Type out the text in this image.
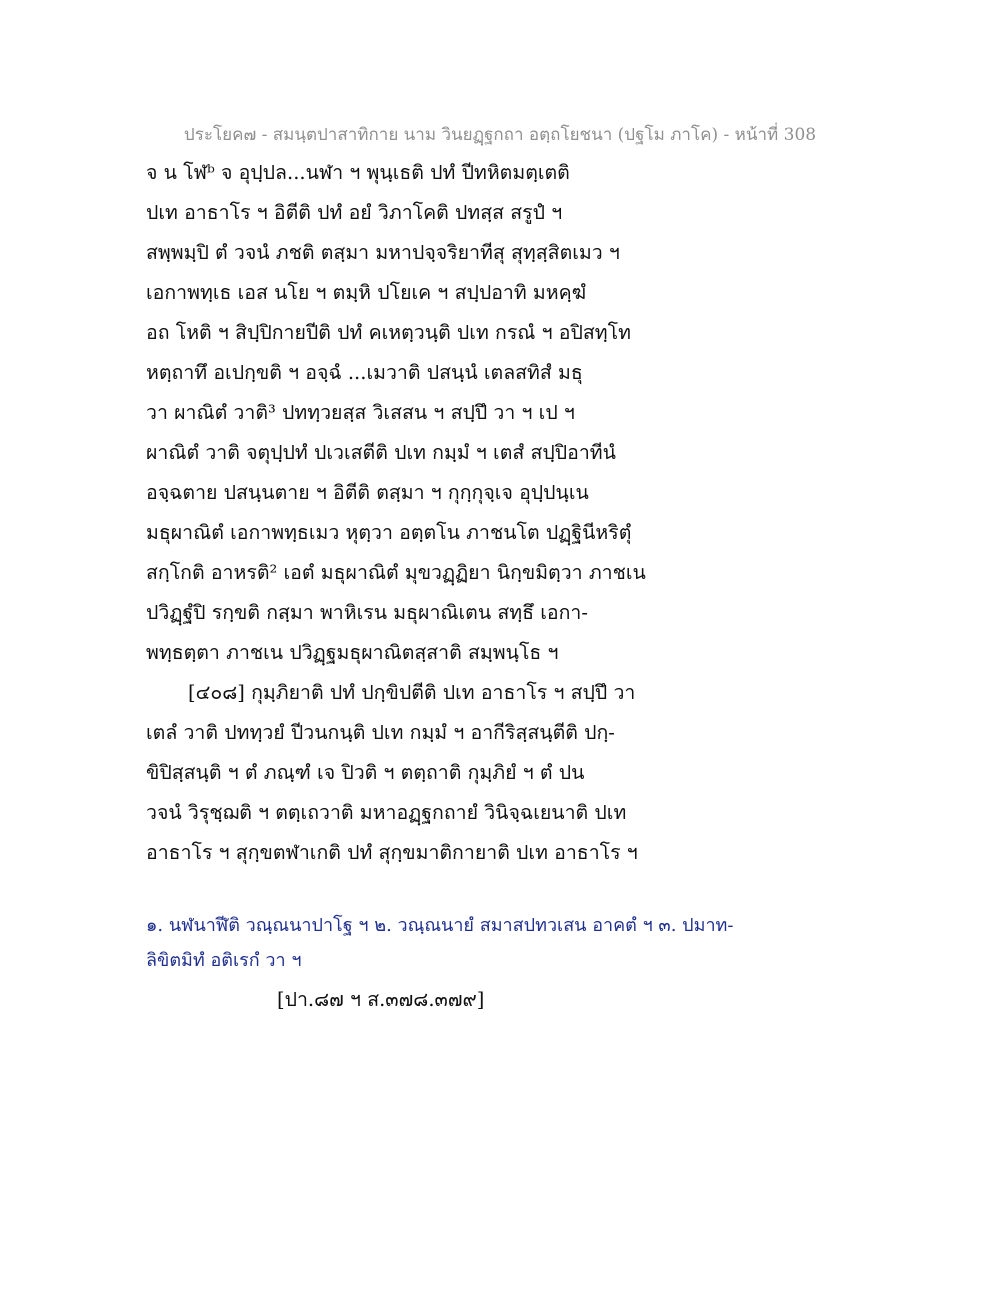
ประโยค๗ - สมนฺตปาสาทิกาย นาม วินยฏฺฐกถา อตฺถโยชนา (ปฐโม ภาโค) - หน้าที่ 308
จ น โฬᵇ จ อุปฺปล...นฬา ฯ พุนฺเธติ ปทํ ปีทหิตมตฺเตติ
ปเท อาธาโร ฯ อิตีติ ปทํ อยํ วิภาโคติ ปทสฺส สรูปํ ฯ
สพฺพมฺปิ ตํ วจนํ ภชติ ตสฺมา มหาปจฺจริยาทีสุ สุทฺสฺสิตเมว ฯ
เอกาพทฺเธ เอส นโย ฯ ตมฺหิ ปโยเค ฯ สปฺปอาทิ มหคฺฆํ
อถ โหติ ฯ สิปฺปิกายปีติ ปทํ คเหตฺวนฺติ ปเท กรณํ ฯ อปิสทฺโท
หตฺถาทึ อเปกฺขติ ฯ อจฺฉํ ...เมวาติ ปสนฺนํ เตลสทิสํ มธุ
วา ผาณิตํ วาติ³ ปททฺวยสฺส วิเสสน ฯ สปฺปึ วา ฯ เป ฯ
ผาณิตํ วาติ จตุปฺปทํ ปเวเสตีติ ปเท กมฺมํ ฯ เตสํ สปฺปิอาทีนํ
อจฺฉตาย ปสนฺนตาย ฯ อิตีติ ตสฺมา ฯ กุกฺกุจฺเจ อุปฺปนฺเน
มธุผาณิตํ เอกาพทฺธเมว หุตฺวา อตฺตโน ภาชนโต ปฏฺฐินีหริตุํ
สกฺโกติ อาหรติ² เอตํ มธุผาณิตํ มุขวฏฺฏิยา นิกฺขมิตฺวา ภาชเน
ปวิฏฺฐํปิ รกฺขติ กสฺมา พาหิเรน มธุผาณิเตน สทฺธึ เอกา-
พทฺธตฺตา ภาชเน ปวิฏฺฐมธุผาณิตสฺสาติ สมฺพนฺโธ ฯ
[๔๐๘] กุมฺภิยาติ ปทํ ปกฺขิปตีติ ปเท อาธาโร ฯ สปฺปึ วา
เตลํ วาติ ปททฺวยํ ปีวนกนฺติ ปเท กมฺมํ ฯ อากีริสฺสนฺตีติ ปกฺ-
ขิปิสฺสนฺติ ฯ ตํ ภณฺฑํ เจ ปิวติ ฯ ตตฺถาติ กุมฺภิยํ ฯ ตํ ปน
วจนํ วิรุชฺฌติ ฯ ตตฺเถวาติ มหาอฏฺฐกถายํ วินิจฺฉเยนาติ ปเท
อาธาโร ฯ สุกฺขตฬาเกติ ปทํ สุกฺขมาติกายาติ ปเท อาธาโร ฯ
๑. นฬนาฬีติ วณฺณนาปาโฐ ฯ ๒. วณฺณนายํ สมาสปทวเสน อาคตํ ฯ ๓. ปมาท-
ลิขิตมิทํ อติเรกํ วา ฯ
[ปา.๘๗ ฯ ส.๓๗๘.๓๗๙]
